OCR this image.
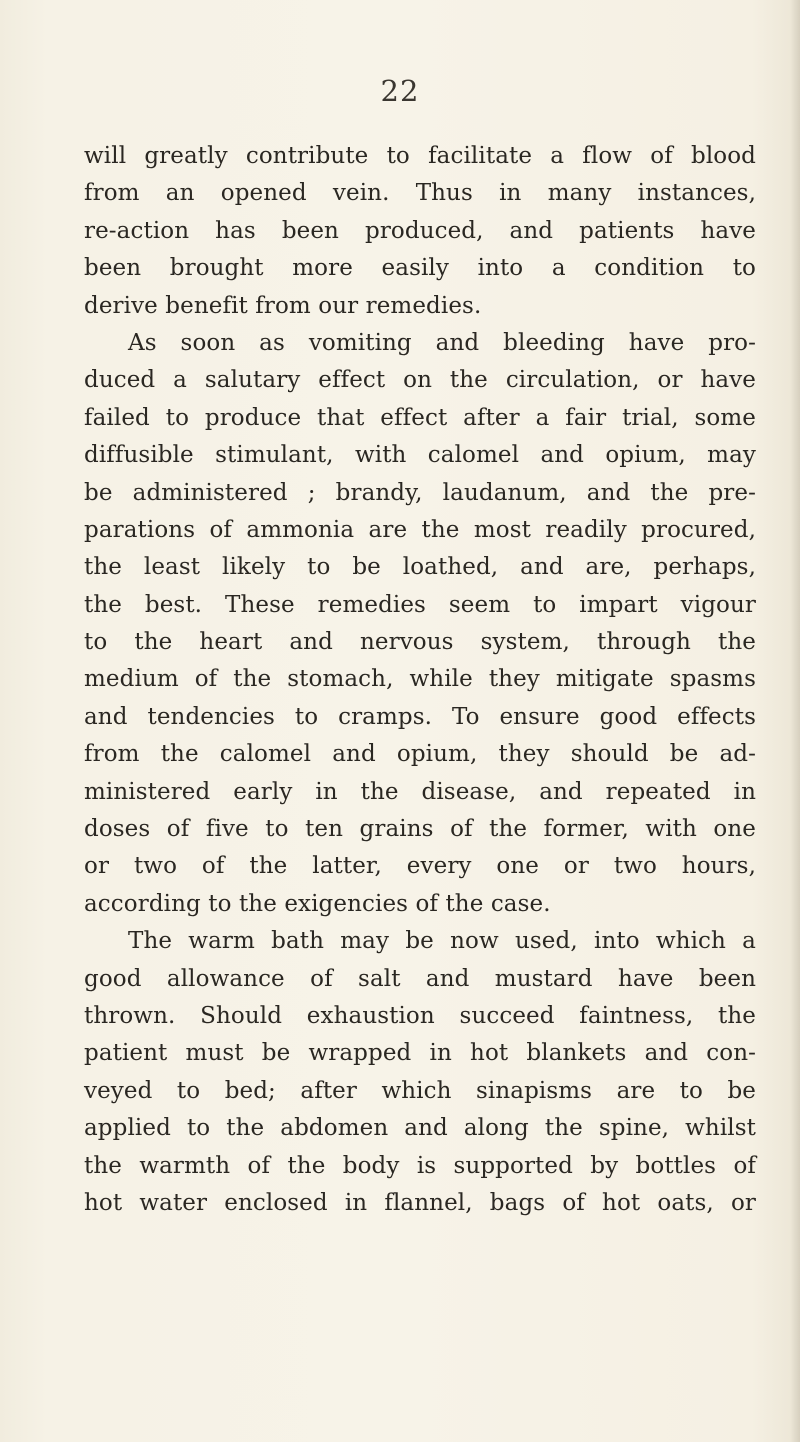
22
will greatly contribute to facilitate a flow of blood
from an opened vein. Thus in many instances,
re-action has been produced, and patients have
been brought more easily into a condition to
derive benefit from our remedies.
As soon as vomiting and bleeding have pro-
duced a salutary effect on the circulation, or have
failed to produce that effect after a fair trial, some
diffusible stimulant, with calomel and opium, may
be administered ; brandy, laudanum, and the pre-
parations of ammonia are the most readily procured,
the least likely to be loathed, and are, perhaps,
the best. These remedies seem to impart vigour
to the heart and nervous system, through the
medium of the stomach, while they mitigate spasms
and tendencies to cramps. To ensure good effects
from the calomel and opium, they should be ad-
ministered early in the disease, and repeated in
doses of five to ten grains of the former, with one
or two of the latter, every one or two hours,
according to the exigencies of the case.
The warm bath may be now used, into which a
good allowance of salt and mustard have been
thrown. Should exhaustion succeed faintness, the
patient must be wrapped in hot blankets and con-
veyed to bed; after which sinapisms are to be
applied to the abdomen and along the spine, whilst
the warmth of the body is supported by bottles of
hot water enclosed in flannel, bags of hot oats, or
